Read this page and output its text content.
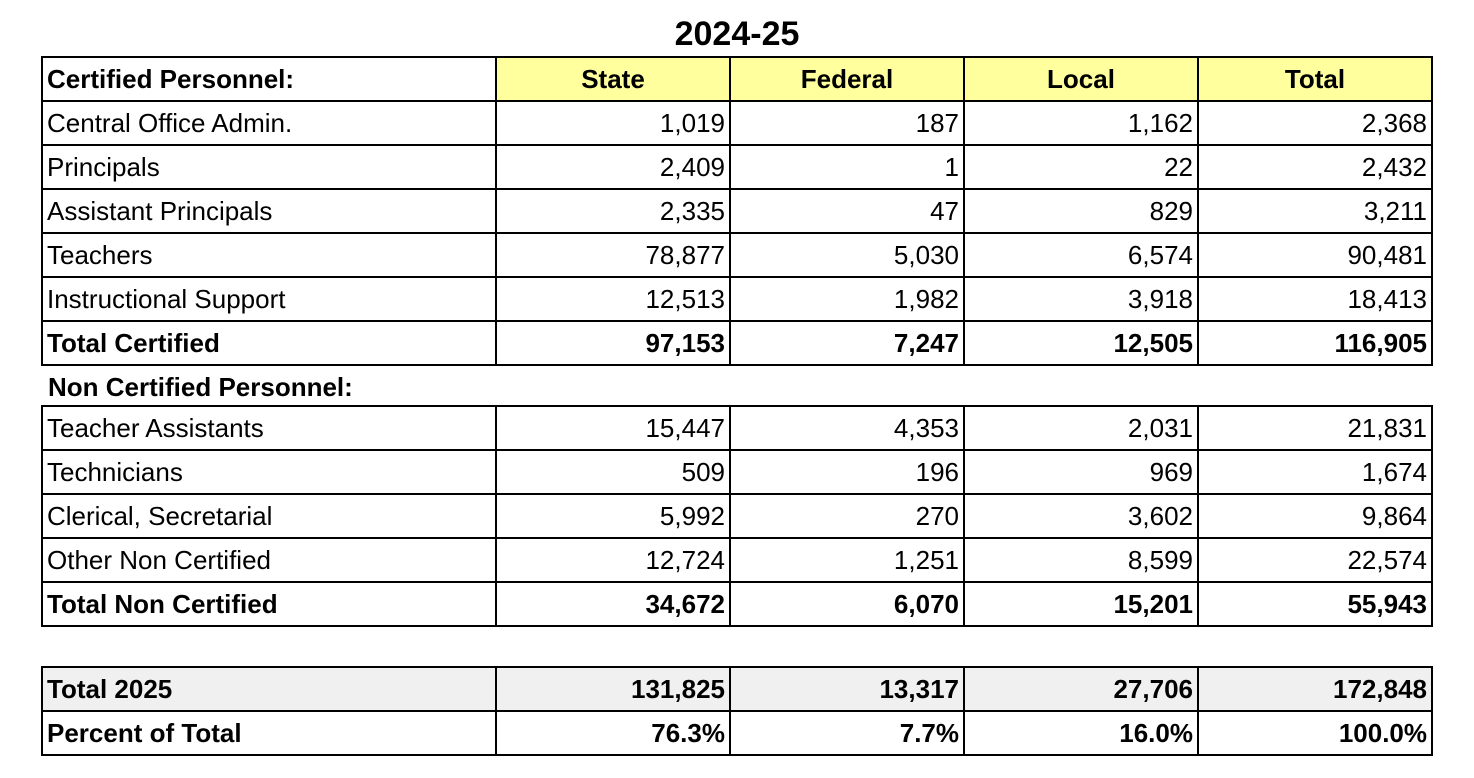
2024-25
Certified Personnel:	State	Federal	Local	Total
Central Office Admin.	1,019	187	1,162	2,368
Principals	2,409	1	22	2,432
Assistant Principals	2,335	47	829	3,211
Teachers	78,877	5,030	6,574	90,481
Instructional Support	12,513	1,982	3,918	18,413
Total Certified	97,153	7,247	12,505	116,905
Non Certified Personnel:
Teacher Assistants	15,447	4,353	2,031	21,831
Technicians	509	196	969	1,674
Clerical, Secretarial	5,992	270	3,602	9,864
Other Non Certified	12,724	1,251	8,599	22,574
Total Non Certified	34,672	6,070	15,201	55,943
Total 2025	131,825	13,317	27,706	172,848
Percent of Total	76.3%	7.7%	16.0%	100.0%
